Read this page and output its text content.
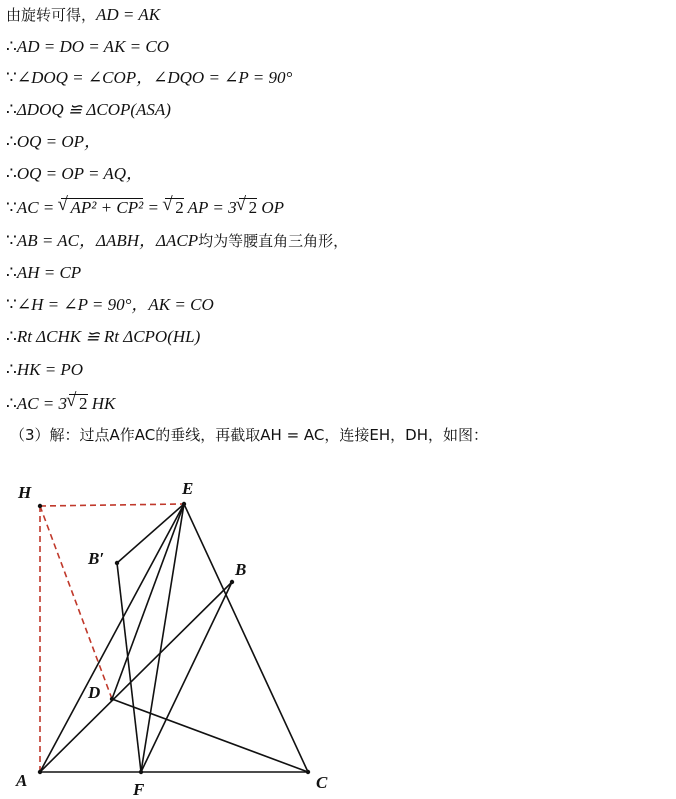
由旋转可得，AD = AK
∴AD = DO = AK = CO
∵∠DOQ = ∠COP，∠DQO = ∠P = 90°
∴ΔDOQ ≌ ΔCOP(ASA)
∴OQ = OP，
∴OQ = OP = AQ，
∵AC = √ AP² + CP² = √ 2 AP = 3 √ 2 OP
∵AB = AC，ΔABH，ΔACP均为等腰直角三角形，
∴AH = CP
∵∠H = ∠P = 90°，AK = CO
∴Rt ΔCHK ≌ Rt ΔCPO(HL)
∴HK = PO
∴AC = 3 √ 2 HK
（3）解：过点A作AC的垂线，再截取AH = AC，连接EH，DH，如图：
H	E
B′
B
D
A	F	C
